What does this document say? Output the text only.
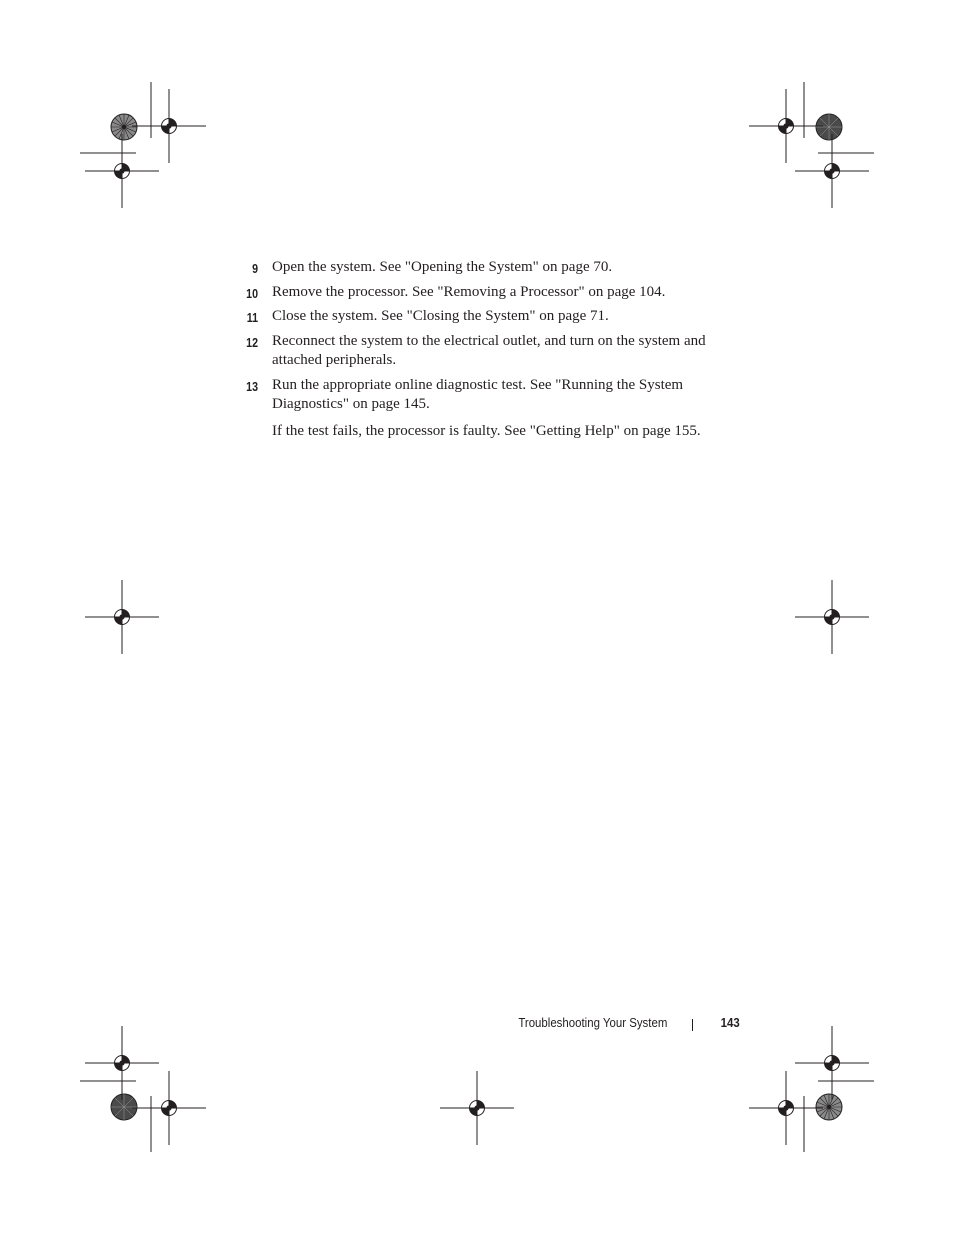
9 Open the system. See "Opening the System" on page 70.
10 Remove the processor. See "Removing a Processor" on page 104.
11 Close the system. See "Closing the System" on page 71.
12 Reconnect the system to the electrical outlet, and turn on the system and attached peripherals.
13 Run the appropriate online diagnostic test. See "Running the System Diagnostics" on page 145.
If the test fails, the processor is faulty. See "Getting Help" on page 155.
Troubleshooting Your System	143
